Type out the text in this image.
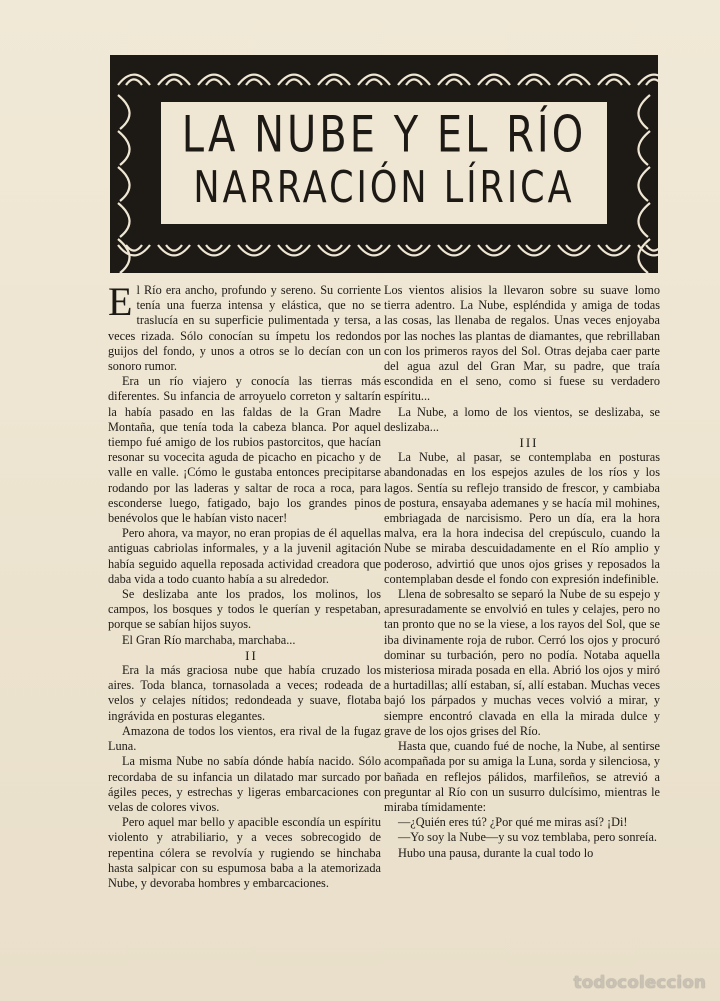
LA NUBE Y EL RÍO
NARRACIÓN LÍRICA

El Río era ancho, profundo y sereno. Su corriente tenía una fuerza intensa y elástica, que no se traslucía en su superficie pulimentada y tersa, a veces rizada. Sólo conocían su ímpetu los redondos guijos del fondo, y unos a otros se lo decían con un sonoro rumor.

Era un río viajero y conocía las tierras más diferentes. Su infancia de arroyuelo correton y saltarín la había pasado en las faldas de la Gran Madre Montaña, que tenía toda la cabeza blanca. Por aquel tiempo fué amigo de los rubios pastorcitos, que hacían resonar su vocecita aguda de picacho en picacho y de valle en valle. ¡Cómo le gustaba entonces precipitarse rodando por las laderas y saltar de roca a roca, para esconderse luego, fatigado, bajo los grandes pinos benévolos que le habían visto nacer!

Pero ahora, va mayor, no eran propias de él aquellas antiguas cabriolas informales, y a la juvenil agitación había seguido aquella reposada actividad creadora que daba vida a todo cuanto había a su alrededor.

Se deslizaba ante los prados, los molinos, los campos, los bosques y todos le querían y respetaban, porque se sabían hijos suyos.

El Gran Río marchaba, marchaba...

II

Era la más graciosa nube que había cruzado los aires. Toda blanca, tornasolada a veces; rodeada de velos y celajes nítidos; redondeada y suave, flotaba ingrávida en posturas elegantes.

Amazona de todos los vientos, era rival de la fugaz Luna.

La misma Nube no sabía dónde había nacido. Sólo recordaba de su infancia un dilatado mar surcado por ágiles peces, y estrechas y ligeras embarcaciones con velas de colores vivos.

Pero aquel mar bello y apacible escondía un espíritu violento y atrabiliario, y a veces sobrecogido de repentina cólera se revolvía y rugiendo se hinchaba hasta salpicar con su espumosa baba a la atemorizada Nube, y devoraba hombres y embarcaciones.

Los vientos alisios la llevaron sobre su suave lomo tierra adentro. La Nube, espléndida y amiga de todas las cosas, las llenaba de regalos. Unas veces enjoyaba por las noches las plantas de diamantes, que rebrillaban con los primeros rayos del Sol. Otras dejaba caer parte del agua azul del Gran Mar, su padre, que traía escondida en el seno, como si fuese su verdadero espíritu...

La Nube, a lomo de los vientos, se deslizaba, se deslizaba...

III

La Nube, al pasar, se contemplaba en posturas abandonadas en los espejos azules de los ríos y los lagos. Sentía su reflejo transido de frescor, y cambiaba de postura, ensayaba ademanes y se hacía mil mohines, embriagada de narcisismo. Pero un día, era la hora malva, era la hora indecisa del crepúsculo, cuando la Nube se miraba descuidadamente en el Río amplio y poderoso, advirtió que unos ojos grises y reposados la contemplaban desde el fondo con expresión indefinible.

Llena de sobresalto se separó la Nube de su espejo y apresuradamente se envolvió en tules y celajes, pero no tan pronto que no se la viese, a los rayos del Sol, que se iba divinamente roja de rubor. Cerró los ojos y procuró dominar su turbación, pero no podía. Notaba aquella misteriosa mirada posada en ella. Abrió los ojos y miró a hurtadillas; allí estaban, sí, allí estaban. Muchas veces bajó los párpados y muchas veces volvió a mirar, y siempre encontró clavada en ella la mirada dulce y grave de los ojos grises del Río.

Hasta que, cuando fué de noche, la Nube, al sentirse acompañada por su amiga la Luna, sorda y silenciosa, y bañada en reflejos pálidos, marfileños, se atrevió a preguntar al Río con un susurro dulcísimo, mientras le miraba tímidamente:

—¿Quién eres tú? ¿Por qué me miras así? ¡Di!

—Yo soy la Nube—y su voz temblaba, pero sonreía.

Hubo una pausa, durante la cual todo lo

todocoleccion
